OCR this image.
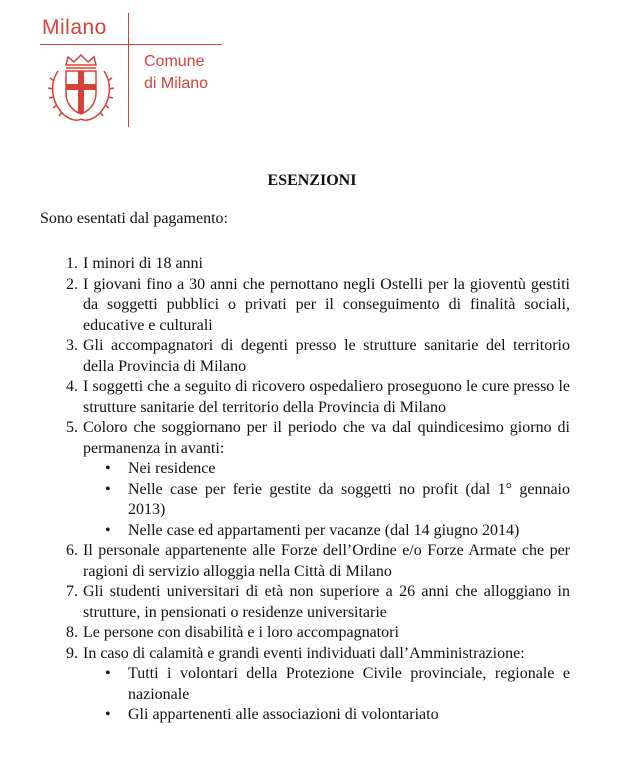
Milano
Comune
di Milano
ESENZIONI
Sono esentati dal pagamento:
1. I minori di 18 anni
2. I giovani fino a 30 anni che pernottano negli Ostelli per la gioventù gestiti da soggetti pubblici o privati per il conseguimento di finalità sociali, educative e culturali
3. Gli accompagnatori di degenti presso le strutture sanitarie del territorio della Provincia di Milano
4. I soggetti che a seguito di ricovero ospedaliero proseguono le cure presso le strutture sanitarie del territorio della Provincia di Milano
5. Coloro che soggiornano per il periodo che va dal quindicesimo giorno di permanenza in avanti:
• Nei residence
• Nelle case per ferie gestite da soggetti no profit (dal 1° gennaio 2013)
• Nelle case ed appartamenti per vacanze (dal 14 giugno 2014)
6. Il personale appartenente alle Forze dell’Ordine e/o Forze Armate che per ragioni di servizio alloggia nella Città di Milano
7. Gli studenti universitari di età non superiore a 26 anni che alloggiano in strutture, in pensionati o residenze universitarie
8. Le persone con disabilità e i loro accompagnatori
9. In caso di calamità e grandi eventi individuati dall’Amministrazione:
• Tutti i volontari della Protezione Civile provinciale, regionale e nazionale
• Gli appartenenti alle associazioni di volontariato
